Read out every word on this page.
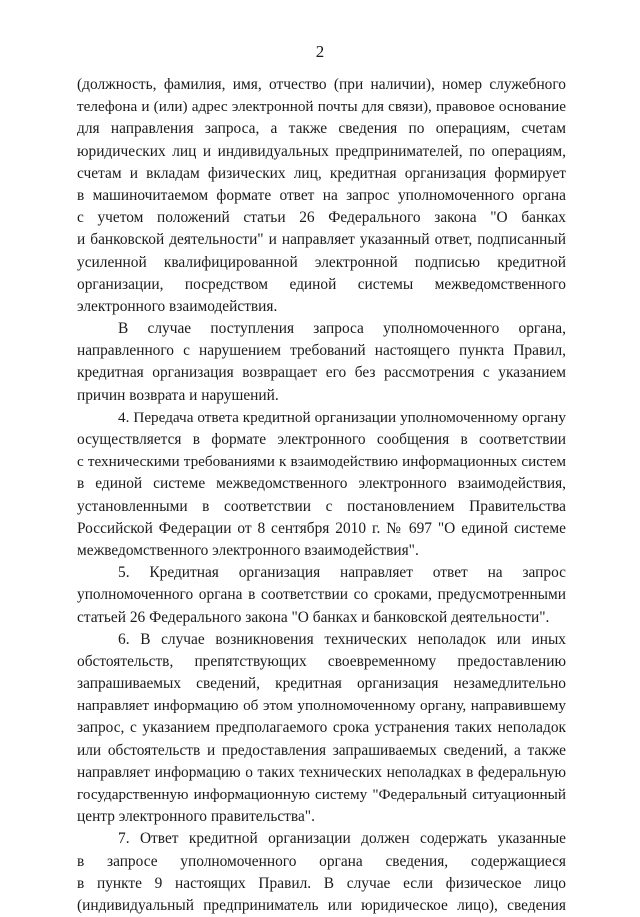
2
(должность, фамилия, имя, отчество (при наличии), номер служебного
телефона и (или) адрес электронной почты для связи), правовое основание
для направления запроса, а также сведения по операциям, счетам
юридических лиц и индивидуальных предпринимателей, по операциям,
счетам и вкладам физических лиц, кредитная организация формирует
в машиночитаемом формате ответ на запрос уполномоченного органа
с учетом положений статьи 26 Федерального закона "О банках
и банковской деятельности" и направляет указанный ответ, подписанный
усиленной квалифицированной электронной подписью кредитной
организации, посредством единой системы межведомственного
электронного взаимодействия.
В случае поступления запроса уполномоченного органа,
направленного с нарушением требований настоящего пункта Правил,
кредитная организация возвращает его без рассмотрения с указанием
причин возврата и нарушений.
4. Передача ответа кредитной организации уполномоченному органу
осуществляется в формате электронного сообщения в соответствии
с техническими требованиями к взаимодействию информационных систем
в единой системе межведомственного электронного взаимодействия,
установленными в соответствии с постановлением Правительства
Российской Федерации от 8 сентября 2010 г. № 697 "О единой системе
межведомственного электронного взаимодействия".
5. Кредитная организация направляет ответ на запрос
уполномоченного органа в соответствии со сроками, предусмотренными
статьей 26 Федерального закона "О банках и банковской деятельности".
6. В случае возникновения технических неполадок или иных
обстоятельств, препятствующих своевременному предоставлению
запрашиваемых сведений, кредитная организация незамедлительно
направляет информацию об этом уполномоченному органу, направившему
запрос, с указанием предполагаемого срока устранения таких неполадок
или обстоятельств и предоставления запрашиваемых сведений, а также
направляет информацию о таких технических неполадках в федеральную
государственную информационную систему "Федеральный ситуационный
центр электронного правительства".
7. Ответ кредитной организации должен содержать указанные
в запросе уполномоченного органа сведения, содержащиеся
в пункте 9 настоящих Правил. В случае если физическое лицо
(индивидуальный предприниматель или юридическое лицо), сведения
